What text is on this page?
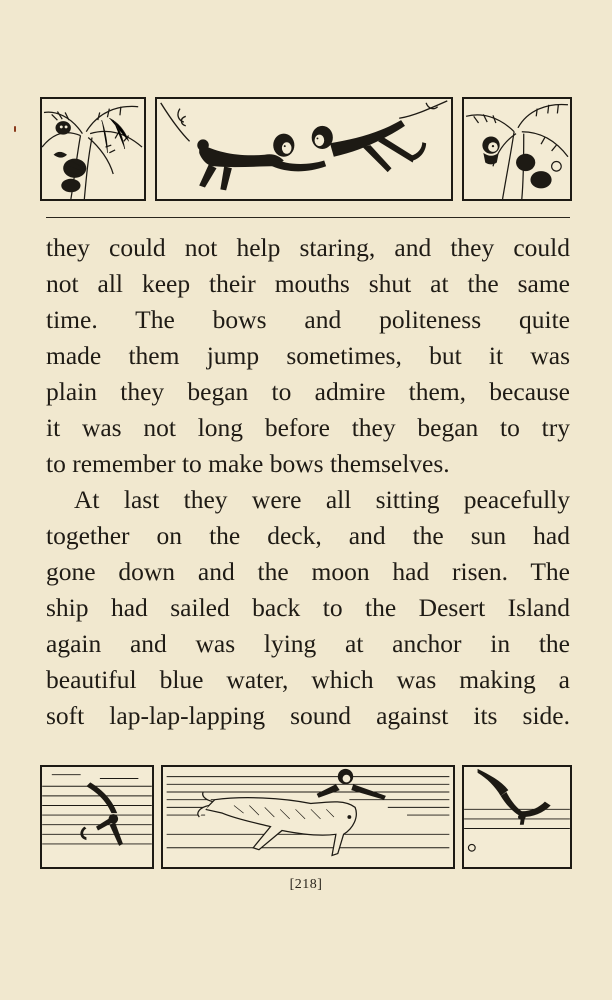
they could not help staring, and they could
not all keep their mouths shut at the same
time. The bows and politeness quite
made them jump sometimes, but it was
plain they began to admire them, because
it was not long before they began to try
to remember to make bows themselves.
At last they were all sitting peacefully
together on the deck, and the sun had
gone down and the moon had risen. The
ship had sailed back to the Desert Island
again and was lying at anchor in the
beautiful blue water, which was making a
soft lap-lap-lapping sound against its side.
[218]
